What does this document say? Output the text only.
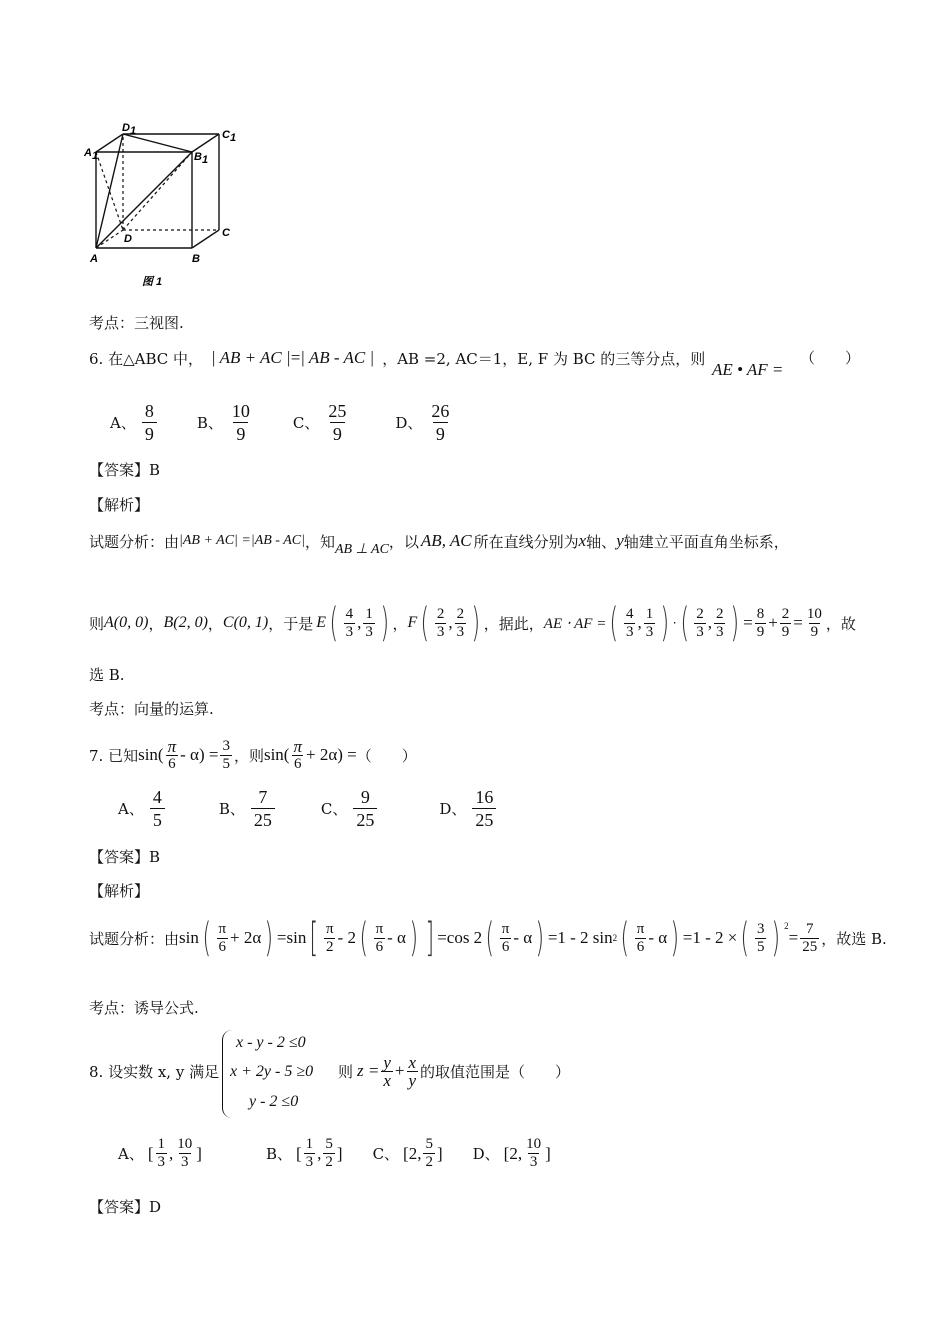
A 1	B 1
C 1
D 1
A	B
C
D
图 1
考点：三视图.
6. 在△ABC 中， | AB + AC | = | AB - AC | ，AB =2, AC＝1，E, F 为 BC 的三等分点，则
AE • AF =
（　　）
A、 $\frac{8}{9}$	B、 $\frac{10}{9}$	C、 $\frac{25}{9}$	D、 $\frac{26}{9}$
【答案】B
【解析】
试题分析：由 |AB + AC| =|AB - AC| ，知 AB ⊥ AC ，以 AB, AC 所在直线分别为 x 轴、 y 轴建立平面直角坐标系，
则 A(0, 0) ， B(2, 0) ， C(0, 1) ，于是 E ( $\frac{4}{3}$ , $\frac{1}{3}$ ) ， F ( $\frac{2}{3}$ , $\frac{2}{3}$ ) ，据此， AE ⋅ AF = ( $\frac{4}{3}$ , $\frac{1}{3}$ ) ⋅ ( $\frac{2}{3}$ , $\frac{2}{3}$ ) = $\frac{8}{9} + \frac{2}{9} = \frac{10}{9}$ ，故
选 B.
考点：向量的运算.
7. 已知 $\sin( \frac{\pi}{6} - \alpha) = \frac{3}{5}$ ，则 $\sin( \frac{\pi}{6} + 2\alpha)$ = （　　）
A、 $\frac{4}{5}$	B、 $\frac{7}{25}$	C、 $\frac{9}{25}$	D、 $\frac{16}{25}$
【答案】B
【解析】
试题分析：由 sin ( $\frac{\pi}{6} + 2\alpha$ ) =sin [ $\frac{\pi}{2} - 2$ ( $\frac{\pi}{6}$ - α ) ] =cos 2 ( $\frac{\pi}{6}$ - α ) =1 - 2 sin 2 ( $\frac{\pi}{6}$ - α ) =1 - 2 × ( $\frac{3}{5}$ ) $^2$
= $\frac{7}{25}$ ，故选 B.
考点：诱导公式.
8. 设实数 x, y 满足
x - y - 2 ≤0
x + 2y - 5 ≥0
y - 2 ≤0
则 $z = \frac{y}{x} + \frac{x}{y}$ 的取值范围是（　　）
A、 [ $\frac{1}{3}$ , $\frac{10}{3}$ ]	B、 [ $\frac{1}{3}$ , $\frac{5}{2}$ ] C、 [2, $\frac{5}{2}$ ] D、 [2, $\frac{10}{3}$ ]
【答案】D
